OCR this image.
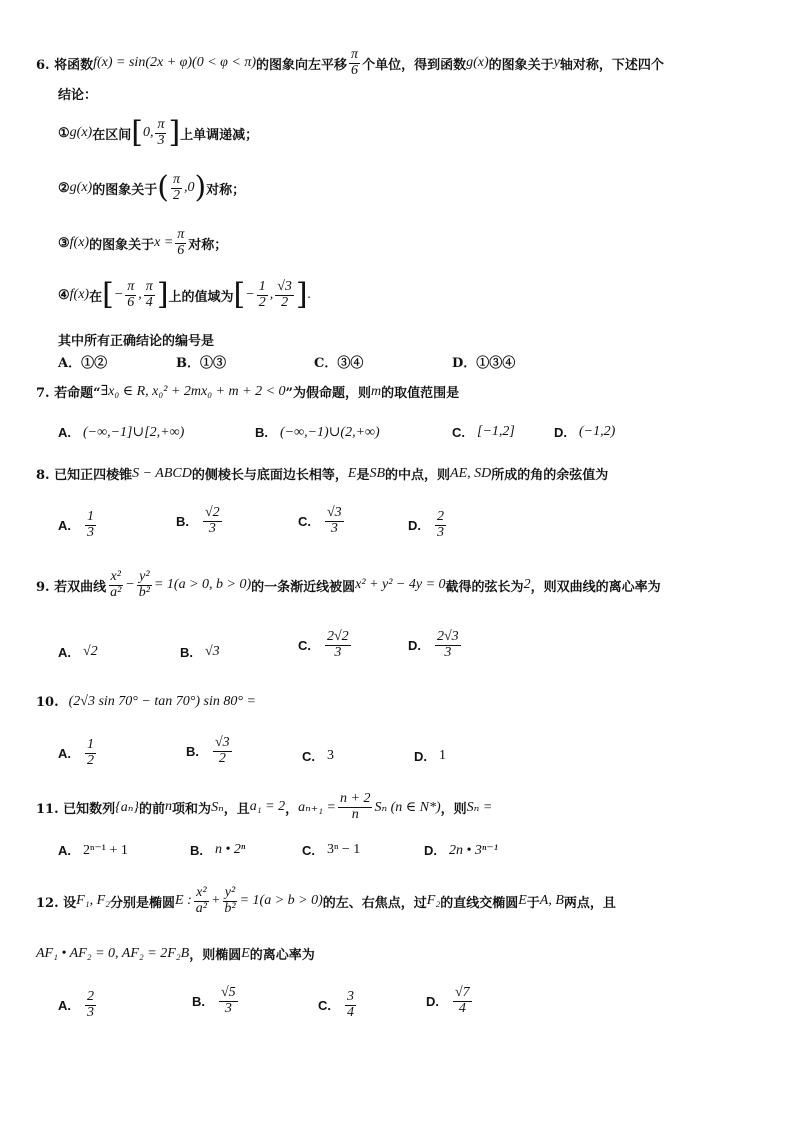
6. 将函数 f(x) = sin(2x + φ)(0 < φ < π) 的图象向左平移 $\frac{\pi}{6}$ 个单位，得到函数 g(x) 的图象关于 y 轴对称，下述四个
结论：
① g(x) 在区间 [ 0, $\frac{\pi}{3}$ ] 上单调递减；
② g(x) 的图象关于 ( $\frac{\pi}{2} ,0$ ) 对称；
③ f(x) 的图象关于 $x = \frac{\pi}{6}$ 对称；
④ f(x) 在 [ − $\frac{\pi}{6}$ , $\frac{\pi}{4}$ ] 上的值域为 [ − $\frac{1}{2}$ , $\frac{√3}{2}$ ] .
其中所有正确结论的编号是
A．①②	B．①③	C．③④	D．①③④
7. 若命题“ ∃x₀ ∈ R, x₀² + 2mx₀ + m + 2 < 0 ”为假命题，则 m 的取值范围是
A. (−∞,−1]∪[2,+∞)	B. (−∞,−1)∪(2,+∞)	C. [−1,2]	D. (−1,2)
8. 已知正四棱锥 S − ABCD 的侧棱长与底面边长相等， E 是 SB 的中点，则 AE, SD 所成的角的余弦值为
A. $\frac{1}{3}$	B. $\frac{√2}{3}$	C. $\frac{√3}{3}$	D. $\frac{2}{3}$
9. 若双曲线 $\frac{\text{x²}}{\text{a²}} - \frac{\text{y²}}{\text{b²}} = 1(a > 0$, b > 0) 的一条渐近线被圆 x² + y² − 4y = 0 截得的弦长为 2 ，则双曲线的离心率为
A. √2	B. √3	C. $\frac{2√2}{3}$	D. $\frac{2√3}{3}$
10. (2√3 sin 70° − tan 70°) sin 80° =
A. $\frac{1}{2}$	B. $\frac{√3}{2}$	C. 3	D. 1
11. 已知数列 {aₙ} 的前 n 项和为 Sₙ ，且 a₁ = 2 ， $a_{n+1} = \frac{n + 2}{n}$ Sₙ (n ∈ N*) ，则 Sₙ =
A. 2ⁿ⁻¹ + 1	B. n • 2ⁿ	C. 3ⁿ − 1	D. 2n • 3ⁿ⁻¹
12. 设 F₁, F₂ 分别是椭圆 E : $\frac{\text{x²}}{\text{a²}} + \frac{\text{y²}}{\text{b²}} = 1(a > b > 0)$ 的左、右焦点，过 F₂ 的直线交椭圆 E 于 A, B 两点，且
AF₁ • AF₂ = 0, AF₂ = 2F₂B ，则椭圆 E 的离心率为
A. $\frac{2}{3}$	B. $\frac{√5}{3}$	C. $\frac{3}{4}$	D. $\frac{√7}{4}$
